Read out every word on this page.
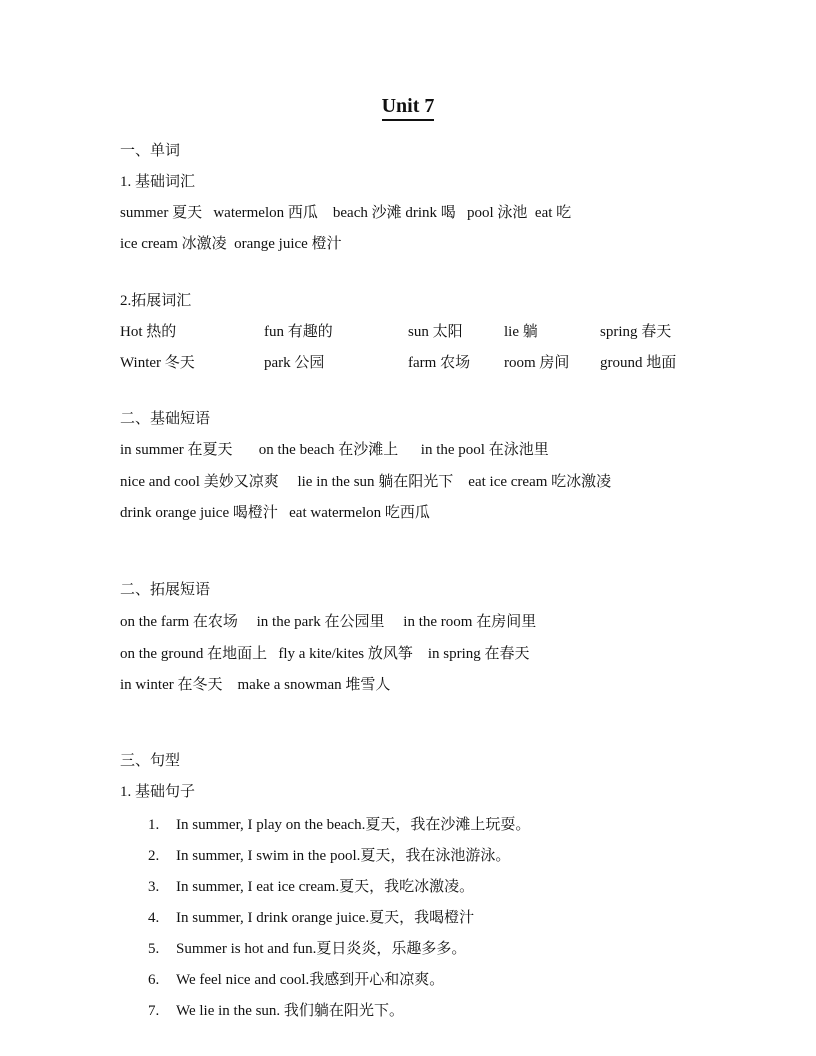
Unit 7
一、单词
1. 基础词汇
summer 夏天   watermelon 西瓜    beach 沙滩 drink 喝   pool 泳池  eat 吃
ice cream 冰激凌  orange juice 橙汁
2.拓展词汇
Hot 热的	fun 有趣的	sun 太阳	lie 躺	spring 春天
Winter 冬天	park 公园	farm 农场 room 房间 ground 地面
二、基础短语
in summer 在夏天       on the beach 在沙滩上      in the pool 在泳池里
nice and cool 美妙又凉爽     lie in the sun 躺在阳光下    eat ice cream 吃冰激凌
drink orange juice 喝橙汁   eat watermelon 吃西瓜
二、拓展短语
on the farm 在农场     in the park 在公园里     in the room 在房间里
on the ground 在地面上   fly a kite/kites 放风筝    in spring 在春天
in winter 在冬天    make a snowman 堆雪人
三、句型
1. 基础句子
1. In summer, I play on the beach.夏天，我在沙滩上玩耍。
2. In summer, I swim in the pool.夏天，我在泳池游泳。
3. In summer, I eat ice cream.夏天，我吃冰激凌。
4. In summer, I drink orange juice.夏天，我喝橙汁
5. Summer is hot and fun.夏日炎炎，乐趣多多。
6. We feel nice and cool.我感到开心和凉爽。
7. We lie in the sun. 我们躺在阳光下。
